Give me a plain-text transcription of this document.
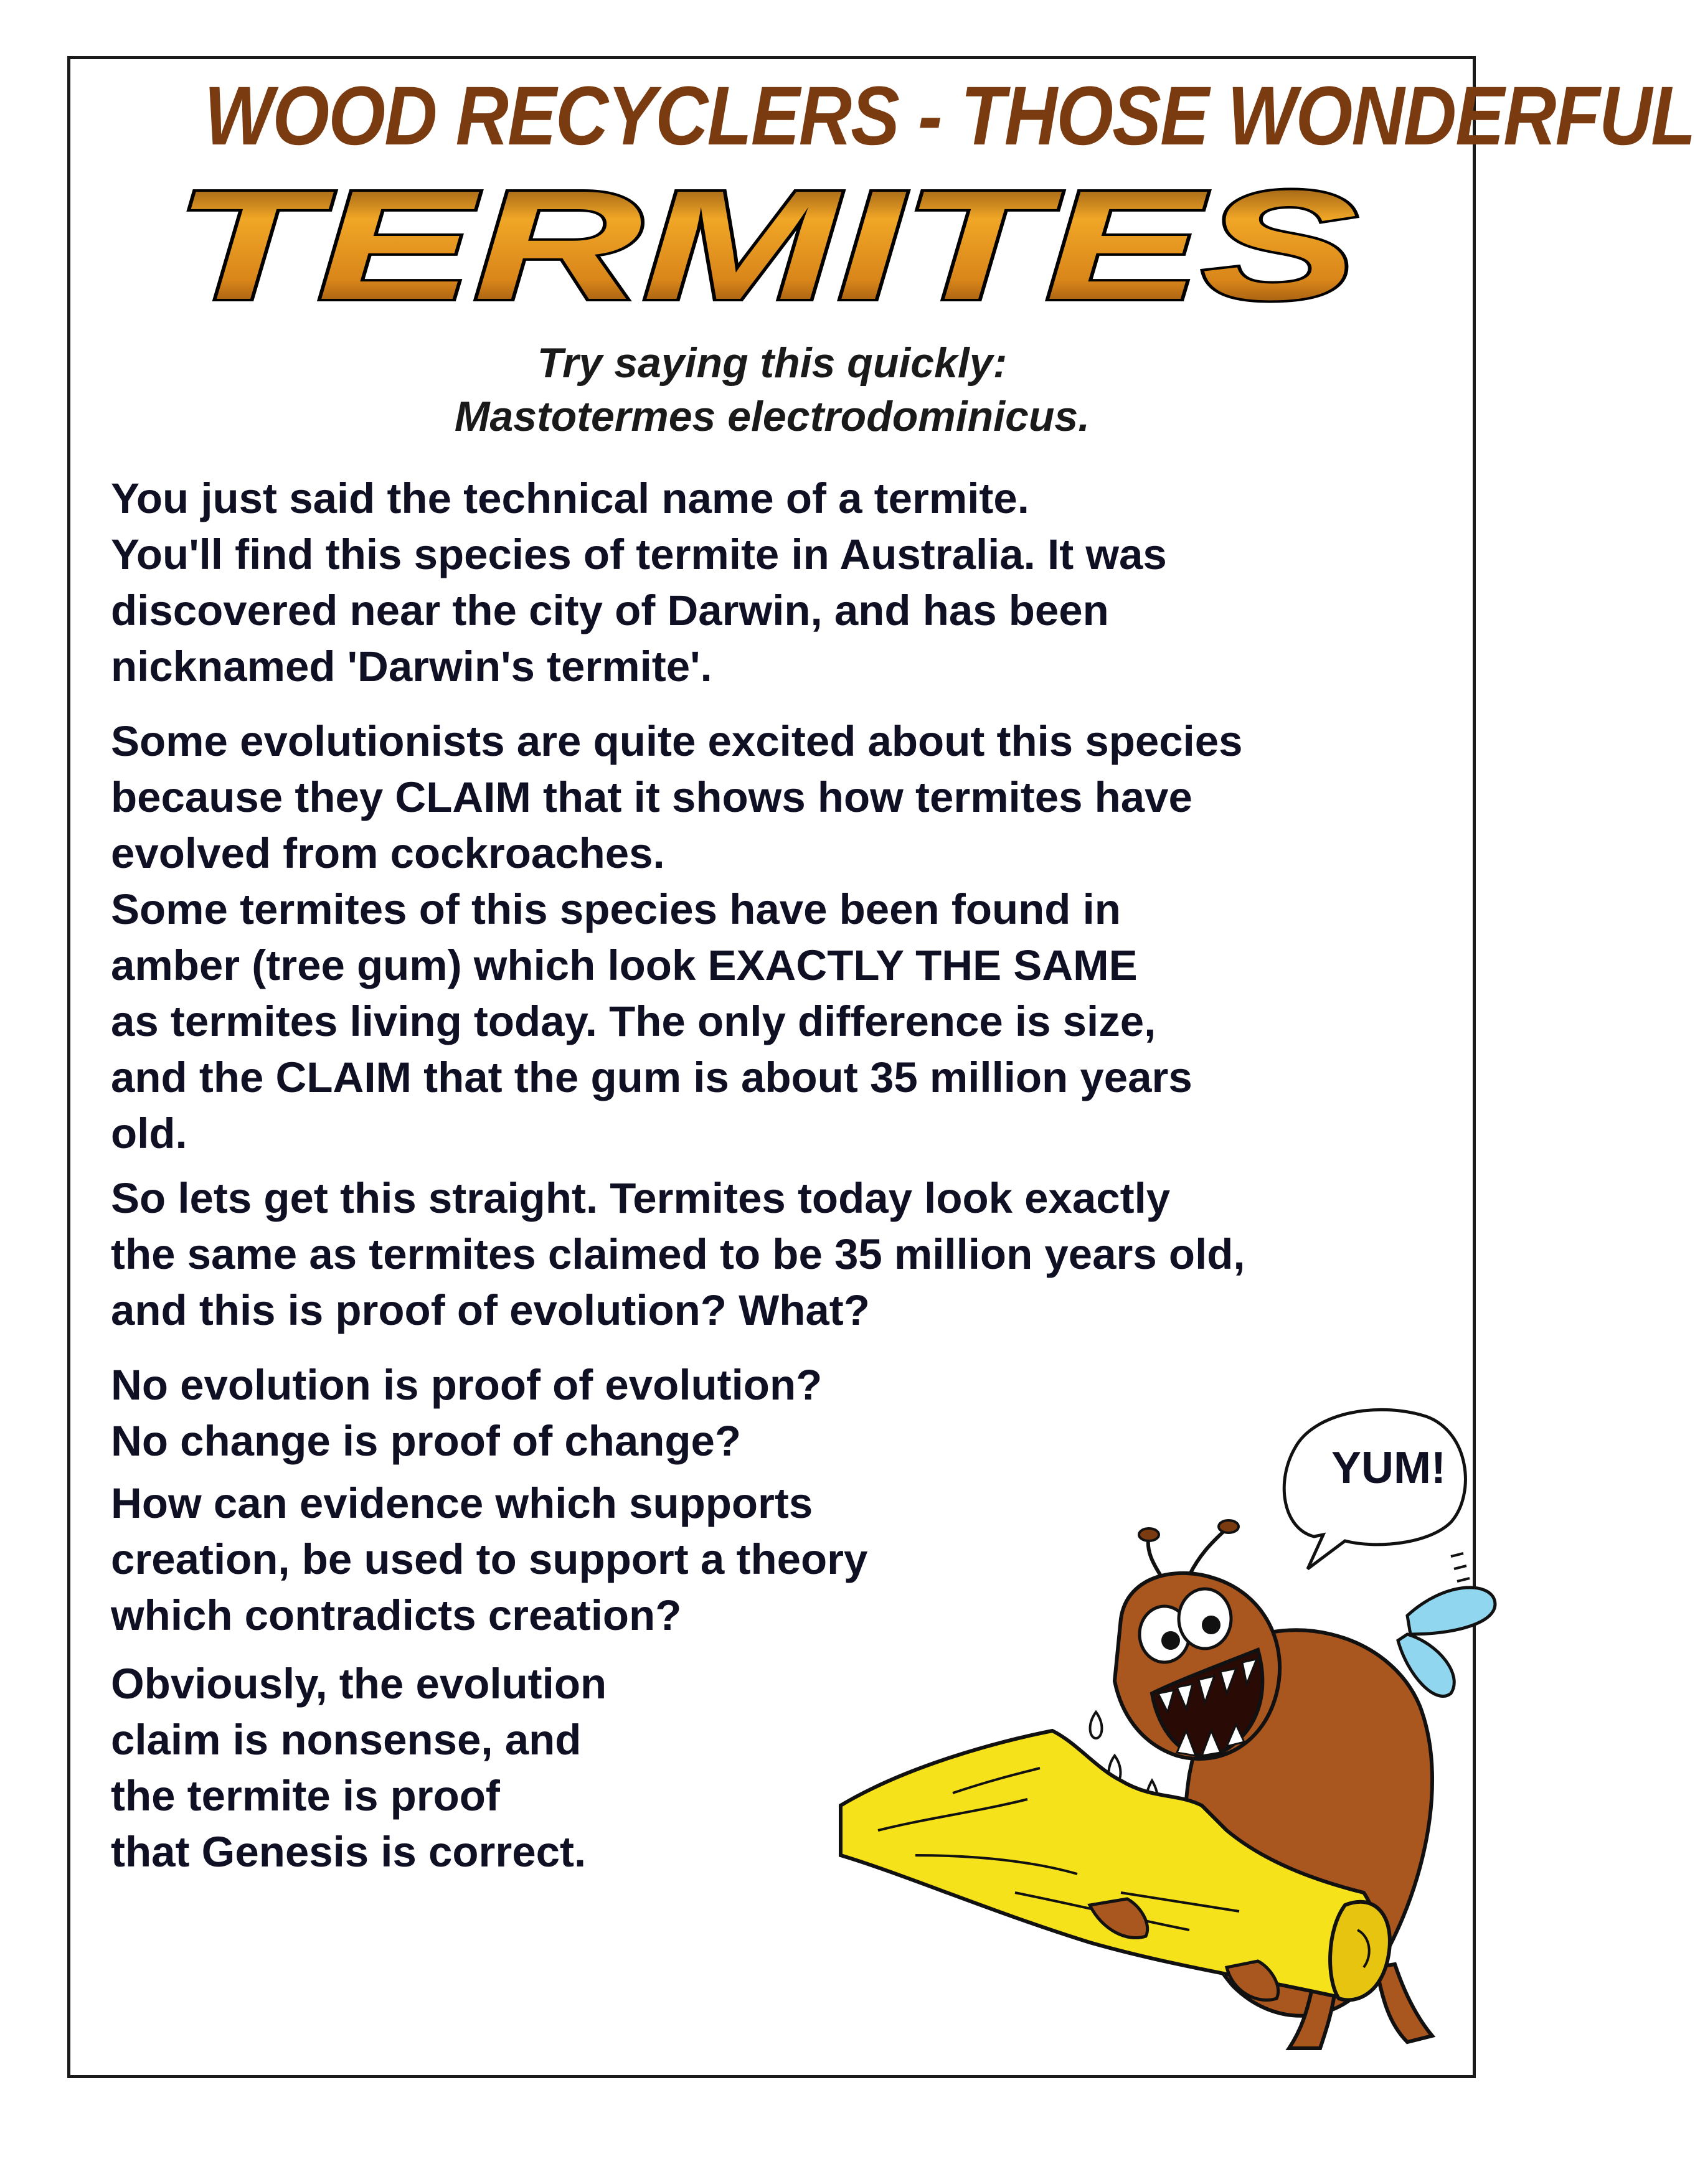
WOOD RECYCLERS - THOSE WONDERFUL
TERMITES
Try saying this quickly:
Mastotermes electrodominicus.
You just said the technical name of a termite.
You'll find this species of termite in Australia. It was
discovered near the city of Darwin, and has been
nicknamed 'Darwin's termite'.
Some evolutionists are quite excited about this species
because they CLAIM that it shows how termites have
evolved from cockroaches.
Some termites of this species have been found in
amber (tree gum) which look EXACTLY THE SAME
as termites living today. The only difference is size,
and the CLAIM that the gum is about 35 million years
old.
So lets get this straight. Termites today look exactly
the same as termites claimed to be 35 million years old,
and this is proof of evolution? What?
No evolution is proof of evolution?
No change is proof of change?
How can evidence which supports
creation, be used to support a theory
which contradicts creation?
Obviously, the evolution
claim is nonsense, and
the termite is proof
that Genesis is correct.
YUM!
